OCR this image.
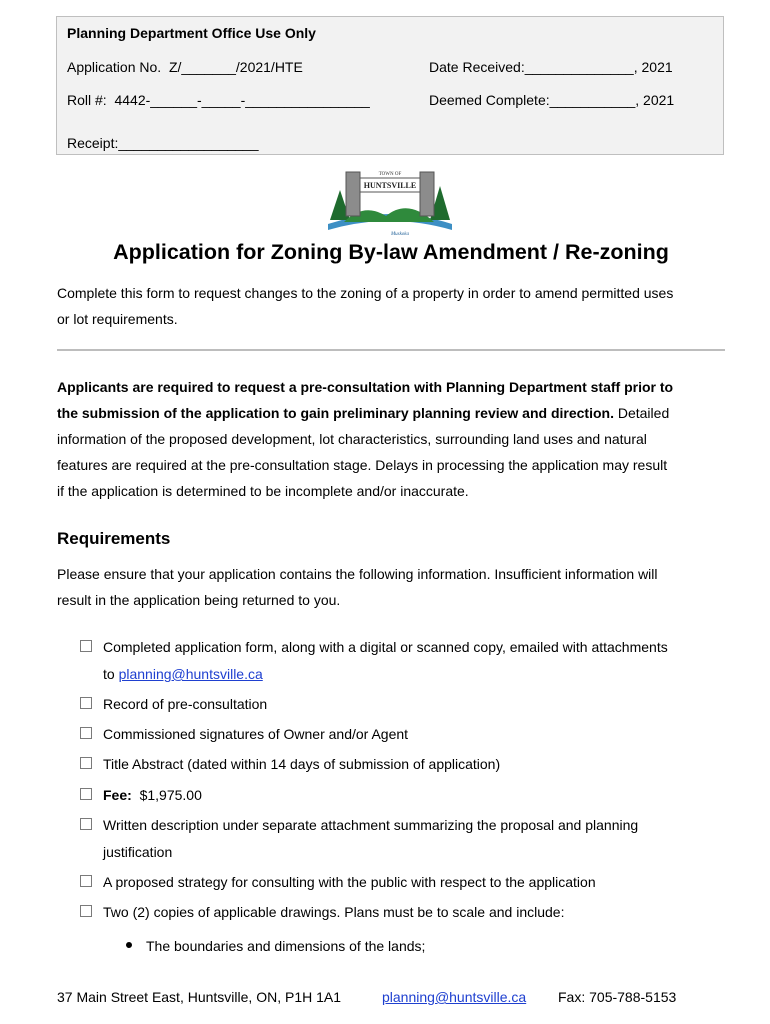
Planning Department Office Use Only
Application No.  Z/_______/2021/HTE	Date Received:______________, 2021
Roll #:  4442-______-_____-________________	Deemed Complete:___________, 2021
Receipt:__________________
TOWN OF
HUNTSVILLE
Muskoka
Application for Zoning By-law Amendment / Re-zoning
Complete this form to request changes to the zoning of a property in order to amend permitted uses
or lot requirements.
Applicants are required to request a pre-consultation with Planning Department staff prior to
the submission of the application to gain preliminary planning review and direction. Detailed
information of the proposed development, lot characteristics, surrounding land uses and natural
features are required at the pre-consultation stage. Delays in processing the application may result
if the application is determined to be incomplete and/or inaccurate.
Requirements
Please ensure that your application contains the following information. Insufficient information will
result in the application being returned to you.
Completed application form, along with a digital or scanned copy, emailed with attachments
to planning@huntsville.ca
Record of pre-consultation
Commissioned signatures of Owner and/or Agent
Title Abstract (dated within 14 days of submission of application)
Fee: $1,975.00
Written description under separate attachment summarizing the proposal and planning
justification
A proposed strategy for consulting with the public with respect to the application
Two (2) copies of applicable drawings. Plans must be to scale and include:
The boundaries and dimensions of the lands;
37 Main Street East, Huntsville, ON, P1H 1A1	planning@huntsville.ca Fax: 705-788-5153
